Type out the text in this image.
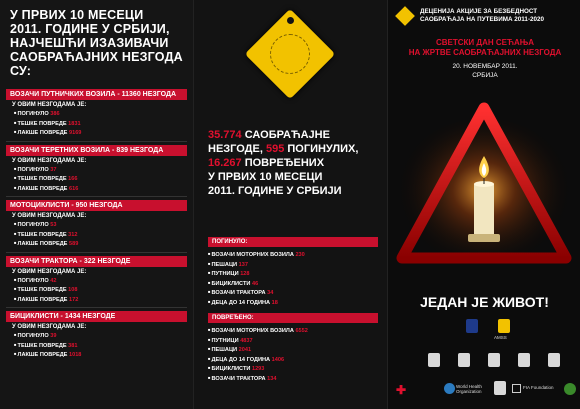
У ПРВИХ 10 МЕСЕЦИ
2011. ГОДИНЕ У СРБИЈИ,
НАЈЧЕШЋИ ИЗАЗИВАЧИ
САОБРАЋАЈНИХ НЕЗГОДА СУ:
ВОЗАЧИ ПУТНИЧКИХ ВОЗИЛА - 11360 НЕЗГОДА
У ОВИМ НЕЗГОДАМА ЈЕ:
■ ПОГИНУЛО 386
■ ТЕШКЕ ПОВРЕДЕ 1831
■ ЛАКШЕ ПОВРЕДЕ 9169
ВОЗАЧИ ТЕРЕТНИХ ВОЗИЛА - 839 НЕЗГОДА
У ОВИМ НЕЗГОДАМА ЈЕ:
■ ПОГИНУЛО 37
■ ТЕШКЕ ПОВРЕДЕ 166
■ ЛАКШЕ ПОВРЕДЕ 616
МОТОЦИКЛИСТИ - 950 НЕЗГОДА
У ОВИМ НЕЗГОДАМА ЈЕ:
■ ПОГИНУЛО 53
■ ТЕШКЕ ПОВРЕДЕ 312
■ ЛАКШЕ ПОВРЕДЕ 589
ВОЗАЧИ ТРАКТОРА - 322 НЕЗГОДЕ
У ОВИМ НЕЗГОДАМА ЈЕ:
■ ПОГИНУЛО 42
■ ТЕШКЕ ПОВРЕДЕ 108
■ ЛАКШЕ ПОВРЕДЕ 172
БИЦИКЛИСТИ - 1434 НЕЗГОДЕ
У ОВИМ НЕЗГОДАМА ЈЕ:
■ ПОГИНУЛО 39
■ ТЕШКЕ ПОВРЕДЕ 381
■ ЛАКШЕ ПОВРЕДЕ 1018
35.774 САОБРАЋАЈНЕ
НЕЗГОДЕ, 595 ПОГИНУЛИХ,
16.267 ПОВРЕЂЕНИХ
У ПРВИХ 10 МЕСЕЦИ
2011. ГОДИНЕ У СРБИЈИ
ПОГИНУЛО:
■ ВОЗАЧИ МОТОРНИХ ВОЗИЛА 230
■ ПЕШАЦИ 137
■ ПУТНИЦИ 128
■ БИЦИКЛИСТИ 46
■ ВОЗАЧИ ТРАКТОРА 34
■ ДЕЦА ДО 14 ГОДИНА 18
ПОВРЕЂЕНО:
■ ВОЗАЧИ МОТОРНИХ ВОЗИЛА 6552
■ ПУТНИЦИ 4837
■ ПЕШАЦИ 2041
■ ДЕЦА ДО 14 ГОДИНА 1406
■ БИЦИКЛИСТИ 1293
■ ВОЗАЧИ ТРАКТОРА 134
ДЕЦЕНИЈА АКЦИЈЕ ЗА БЕЗБЕДНОСТ
САОБРАЋАЈА НА ПУТЕВИМА 2011-2020
СВЕТСКИ ДАН СЕЋАЊА
НА ЖРТВЕ САОБРАЋАЈНИХ НЕЗГОДА
20. НОВЕМБАР 2011.
СРБИЈА
ЈЕДАН ЈЕ ЖИВОТ!
AMSS
✚	World Health Organization
FIA Foundation
